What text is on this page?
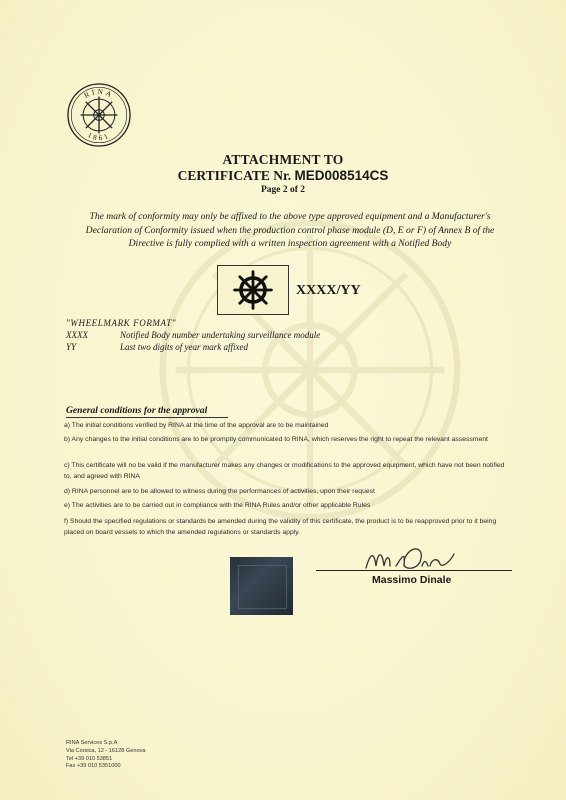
RINA
1861
ATTACHMENT TO
CERTIFICATE Nr. MED008514CS
Page 2 of 2
The mark of conformity may only be affixed to the above type approved equipment and a Manufacturer's Declaration of Conformity issued when the production control phase module (D, E or F) of Annex B of the Directive is fully complied with a written inspection agreement with a Notified Body
XXXX/YY
"WHEELMARK FORMAT"
XXXX	Notified Body number undertaking surveillance module
YY	Last two digits of year mark affixed
General conditions for the approval
a) The initial conditions verified by RINA at the time of the approval are to be maintained
b) Any changes to the initial conditions are to be promptly communicated to RINA, which reserves the right to repeat the relevant assessment
c) This certificate will no be valid if the manufacturer makes any changes or modifications to the approved equipment, which have not been notified to, and agreed with RINA
d) RINA personnel are to be allowed to witness during the performances of activities, upon their request
e) The activities are to be carried out in compliance with the RINA Rules and/or other applicable Rules
f) Should the specified regulations or standards be amended during the validity of this certificate, the product is to be reapproved prior to it being placed on board vessels to which the amended regulations or standards apply.
Massimo Dinale
RINA Services S.p.A
Via Corsica, 12 - 16128 Genova
Tel +39 010 53851
Fax +39 010 5351000
